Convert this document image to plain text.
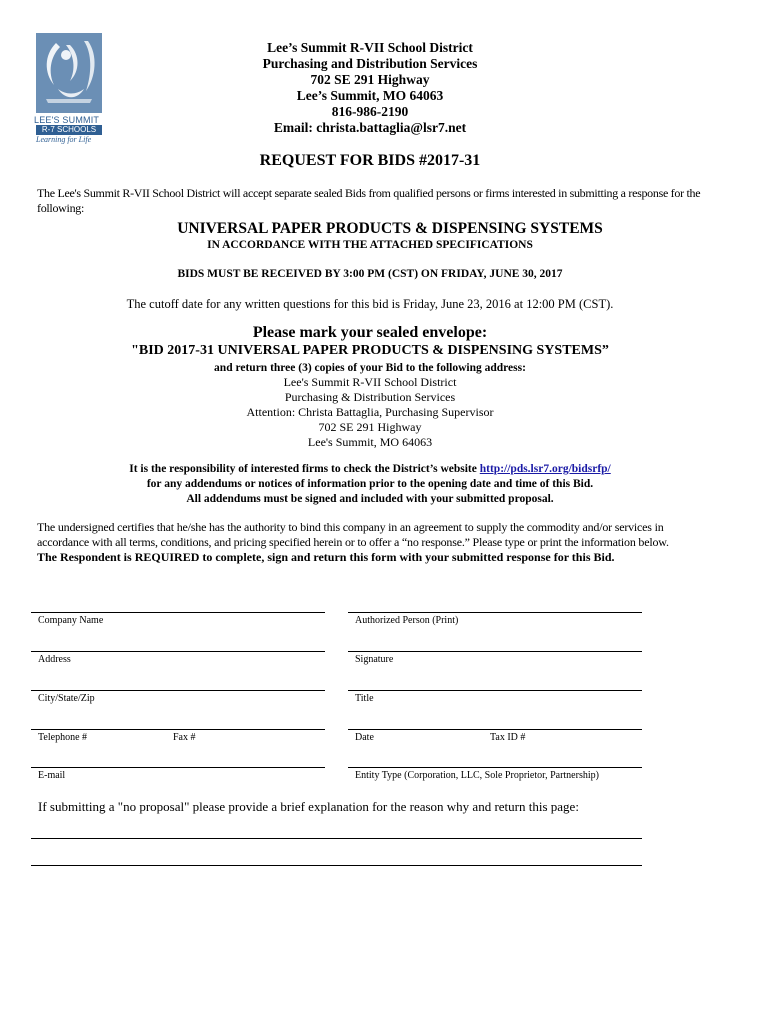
LEE'S SUMMIT
R-7 SCHOOLS
Learning for Life
Lee’s Summit R-VII School District
Purchasing and Distribution Services
702 SE 291 Highway
Lee’s Summit, MO 64063
816-986-2190
Email: christa.battaglia@lsr7.net
REQUEST FOR BIDS #2017-31
The Lee's Summit R-VII School District will accept separate sealed Bids from qualified persons or firms interested in submitting a response for the following:
UNIVERSAL PAPER PRODUCTS & DISPENSING SYSTEMS
IN ACCORDANCE WITH THE ATTACHED SPECIFICATIONS
BIDS MUST BE RECEIVED BY 3:00 PM (CST) ON FRIDAY, JUNE 30, 2017
The cutoff date for any written questions for this bid is Friday, June 23, 2016 at 12:00 PM (CST).
Please mark your sealed envelope:
"BID 2017-31 UNIVERSAL PAPER PRODUCTS & DISPENSING SYSTEMS”
and return three (3) copies of your Bid to the following address:
Lee's Summit R-VII School District
Purchasing & Distribution Services
Attention: Christa Battaglia, Purchasing Supervisor
702 SE 291 Highway
Lee's Summit, MO 64063
It is the responsibility of interested firms to check the District’s website http://pds.lsr7.org/bidsrfp/
for any addendums or notices of information prior to the opening date and time of this Bid.
All addendums must be signed and included with your submitted proposal.
The undersigned certifies that he/she has the authority to bind this company in an agreement to supply the commodity and/or services in accordance with all terms, conditions, and pricing specified herein or to offer a “no response.” Please type or print the information below.
The Respondent is REQUIRED to complete, sign and return this form with your submitted response for this Bid.
Company Name
Address
City/State/Zip
Telephone #	Fax #
E-mail
Authorized Person (Print)
Signature
Title
Date	Tax ID #
Entity Type (Corporation, LLC, Sole Proprietor, Partnership)
If submitting a "no proposal" please provide a brief explanation for the reason why and return this page:
